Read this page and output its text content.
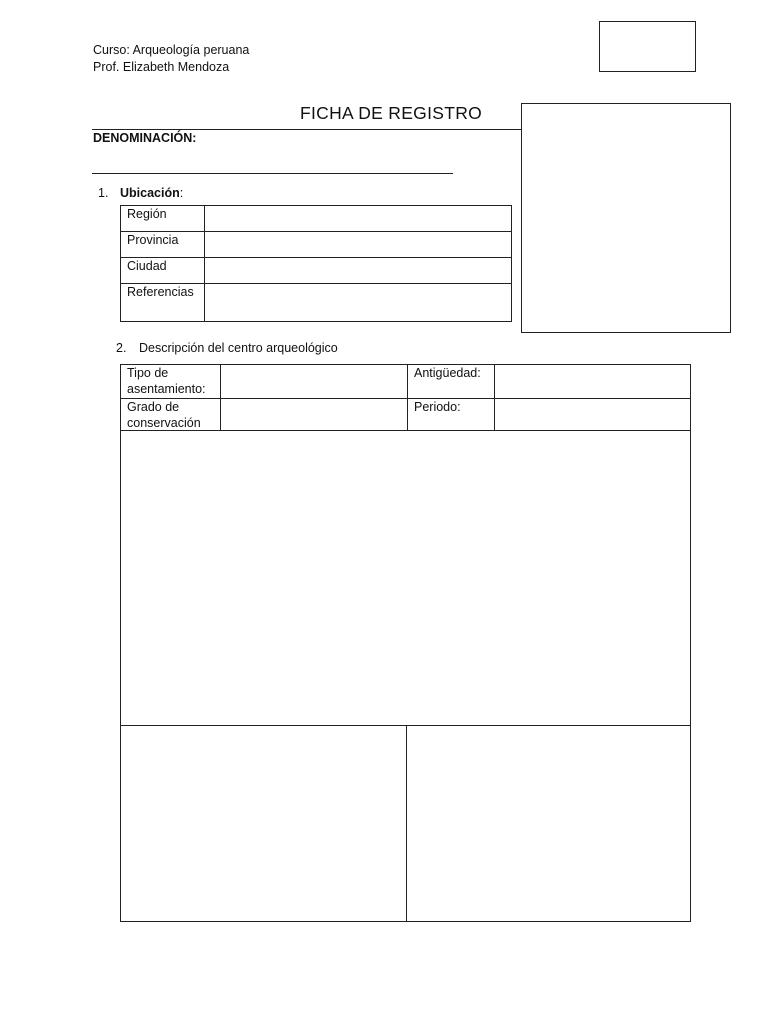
Curso: Arqueología peruana
Prof. Elizabeth Mendoza
FICHA DE REGISTRO
DENOMINACIÓN:
1. Ubicación:
Región	
Provincia	
Ciudad	
Referencias	
2. Descripción del centro arqueológico
Tipo de asentamiento:		Antigüedad:	
Grado de conservación		Periodo:	
